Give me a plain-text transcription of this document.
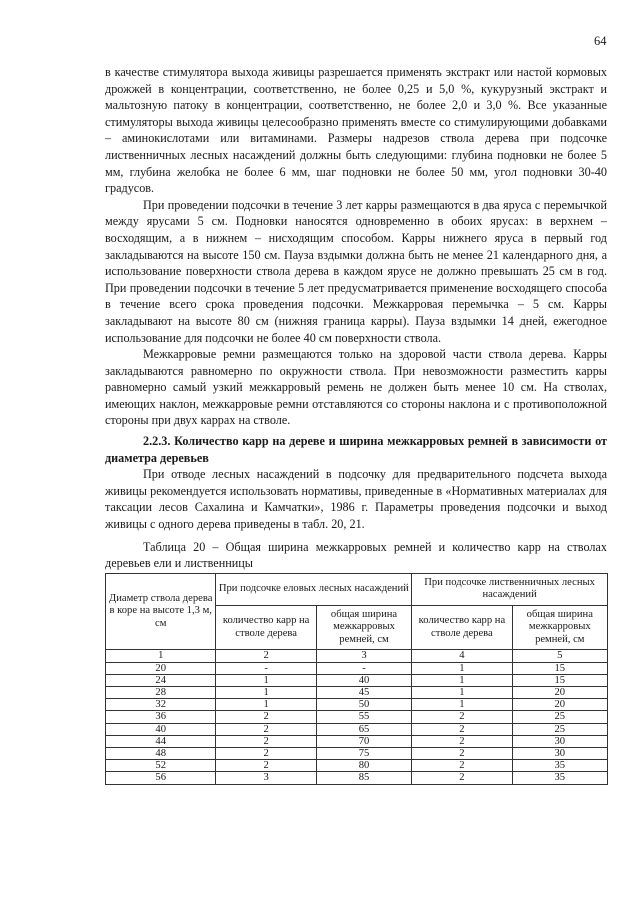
64

в качестве стимулятора выхода живицы разрешается применять экстракт или настой кормовых дрожжей в концентрации, соответственно, не более 0,25 и 5,0 %, кукурузный экстракт и мальтозную патоку в концентрации, соответственно, не более 2,0 и 3,0 %. Все указанные стимуляторы выхода живицы целесообразно применять вместе со стимулирующими добавками – аминокислотами или витаминами. Размеры надрезов ствола дерева при подсочке лиственничных лесных насаждений должны быть следующими: глубина подновки не более 5 мм, глубина желобка не более 6 мм, шаг подновки не более 50 мм, угол подновки 30-40 градусов.

При проведении подсочки в течение 3 лет карры размещаются в два яруса с перемычкой между ярусами 5 см. Подновки наносятся одновременно в обоих ярусах: в верхнем – восходящим, а в нижнем – нисходящим способом. Карры нижнего яруса в первый год закладываются на высоте 150 см. Пауза вздымки должна быть не менее 21 календарного дня, а использование поверхности ствола дерева в каждом ярусе не должно превышать 25 см в год. При проведении подсочки в течение 5 лет предусматривается применение восходящего способа в течение всего срока проведения подсочки. Межкарровая перемычка – 5 см. Карры закладывают на высоте 80 см (нижняя граница карры). Пауза вздымки 14 дней, ежегодное использование для подсочки не более 40 см поверхности ствола.

Межкарровые ремни размещаются только на здоровой части ствола дерева. Карры закладываются равномерно по окружности ствола. При невозможности разместить карры равномерно самый узкий межкарровый ремень не должен быть менее 10 см. На стволах, имеющих наклон, межкарровые ремни отставляются со стороны наклона и с противоположной стороны при двух каррах на стволе.

2.2.3. Количество карр на дереве и ширина межкарровых ремней в зависимости от диаметра деревьев

При отводе лесных насаждений в подсочку для предварительного подсчета выхода живицы рекомендуется использовать нормативы, приведенные в «Нормативных материалах для таксации лесов Сахалина и Камчатки», 1986 г. Параметры проведения подсочки и выход живицы с одного дерева приведены в табл. 20, 21.

Таблица 20 – Общая ширина межкарровых ремней и количество карр на стволах деревьев ели и лиственницы

Диаметр ствола дерева в коре на высоте 1,3 м, см	При подсочке еловых лесных насаждений		При подсочке лиственничных лесных насаждений	
	количество карр на стволе дерева	общая ширина межкарровых ремней, см	количество карр на стволе дерева	общая ширина межкарровых ремней, см
1	2	3	4	5
20	-	-	1	15
24	1	40	1	15
28	1	45	1	20
32	1	50	1	20
36	2	55	2	25
40	2	65	2	25
44	2	70	2	30
48	2	75	2	30
52	2	80	2	35
56	3	85	2	35
